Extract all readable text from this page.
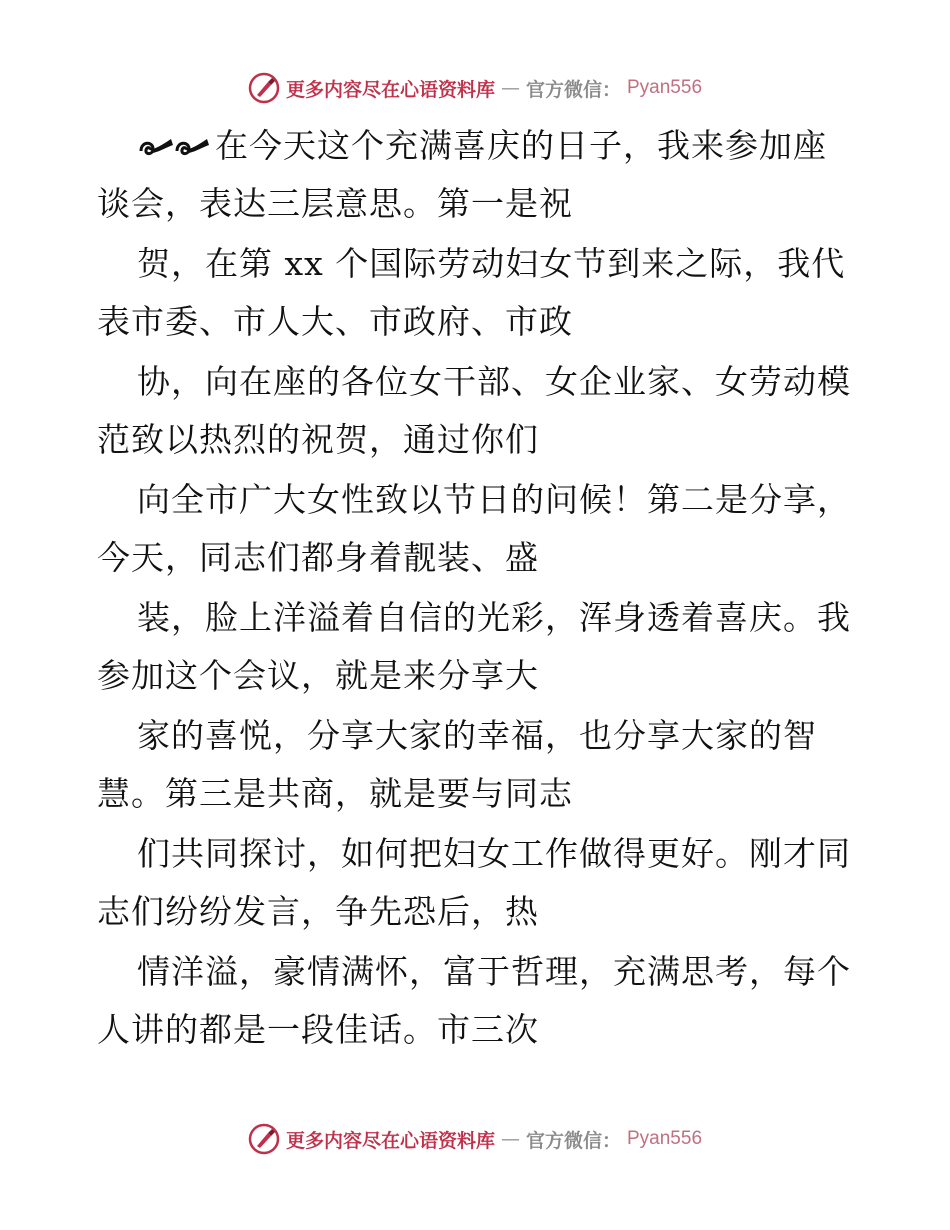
更多内容尽在心语资料库 — 官方微信： Pyan556
在今天这个充满喜庆的日子，我来参加座
谈会，表达三层意思。第一是祝
贺，在第 xx 个国际劳动妇女节到来之际，我代
表市委、市人大、市政府、市政
协，向在座的各位女干部、女企业家、女劳动模
范致以热烈的祝贺，通过你们
向全市广大女性致以节日的问候！第二是分享，
今天，同志们都身着靓装、盛
装，脸上洋溢着自信的光彩，浑身透着喜庆。我
参加这个会议，就是来分享大
家的喜悦，分享大家的幸福，也分享大家的智
慧。第三是共商，就是要与同志
们共同探讨，如何把妇女工作做得更好。刚才同
志们纷纷发言，争先恐后，热
情洋溢，豪情满怀，富于哲理，充满思考，每个
人讲的都是一段佳话。市三次
更多内容尽在心语资料库 — 官方微信： Pyan556
